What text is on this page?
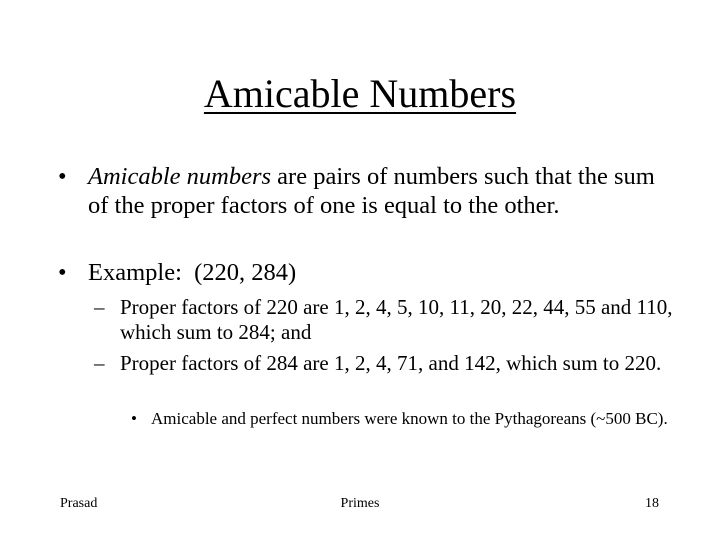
Amicable Numbers
• Amicable numbers are pairs of numbers such that the sum of the proper factors of one is equal to the other.
• Example:  (220, 284)
– Proper factors of 220 are 1, 2, 4, 5, 10, 11, 20, 22, 44, 55 and 110, which sum to 284; and
– Proper factors of 284 are 1, 2, 4, 71, and 142, which sum to 220.
• Amicable and perfect numbers were known to the Pythagoreans (~500 BC).
Prasad	Primes	18
